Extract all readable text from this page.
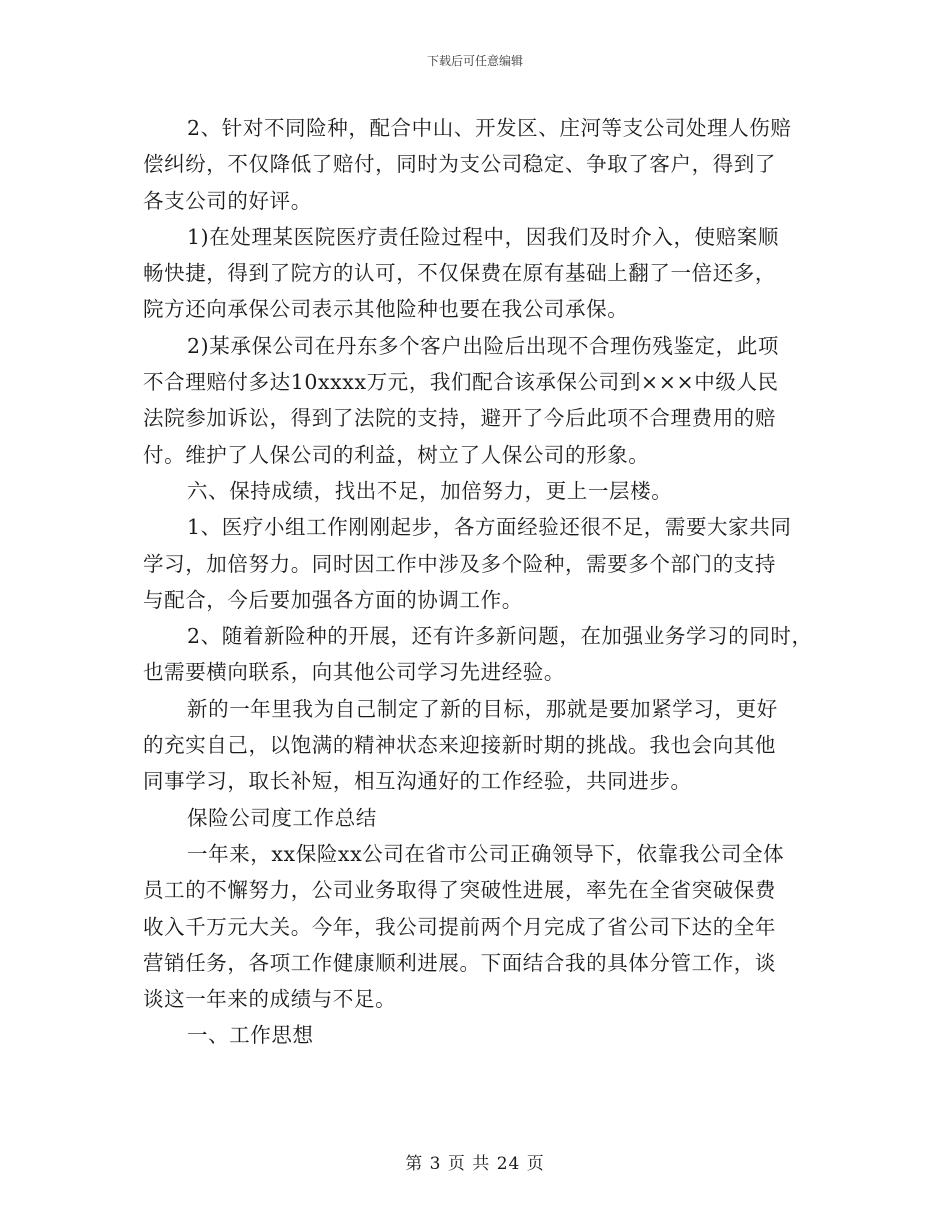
下载后可任意编辑
2、针对不同险种，配合中山、开发区、庄河等支公司处理人伤赔
偿纠纷，不仅降低了赔付，同时为支公司稳定、争取了客户，得到了
各支公司的好评。
1)在处理某医院医疗责任险过程中，因我们及时介入，使赔案顺
畅快捷，得到了院方的认可，不仅保费在原有基础上翻了一倍还多，
院方还向承保公司表示其他险种也要在我公司承保。
2)某承保公司在丹东多个客户出险后出现不合理伤残鉴定，此项
不合理赔付多达10xxxx万元，我们配合该承保公司到×××中级人民
法院参加诉讼，得到了法院的支持，避开了今后此项不合理费用的赔
付。维护了人保公司的利益，树立了人保公司的形象。
六、保持成绩，找出不足，加倍努力，更上一层楼。
1、医疗小组工作刚刚起步，各方面经验还很不足，需要大家共同
学习，加倍努力。同时因工作中涉及多个险种，需要多个部门的支持
与配合，今后要加强各方面的协调工作。
2、随着新险种的开展，还有许多新问题，在加强业务学习的同时，
也需要横向联系，向其他公司学习先进经验。
新的一年里我为自己制定了新的目标，那就是要加紧学习，更好
的充实自己，以饱满的精神状态来迎接新时期的挑战。我也会向其他
同事学习，取长补短，相互沟通好的工作经验，共同进步。
保险公司度工作总结
一年来，xx保险xx公司在省市公司正确领导下，依靠我公司全体
员工的不懈努力，公司业务取得了突破性进展，率先在全省突破保费
收入千万元大关。今年，我公司提前两个月完成了省公司下达的全年
营销任务，各项工作健康顺利进展。下面结合我的具体分管工作，谈
谈这一年来的成绩与不足。
一、工作思想
第 3 页 共 24 页
